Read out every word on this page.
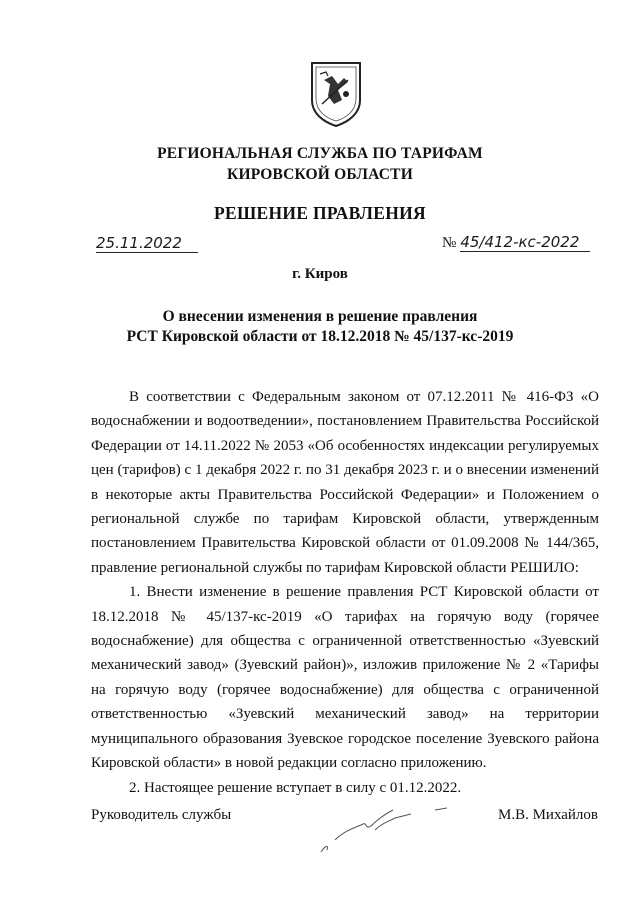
РЕГИОНАЛЬНАЯ СЛУЖБА ПО ТАРИФАМ
КИРОВСКОЙ ОБЛАСТИ
РЕШЕНИЕ ПРАВЛЕНИЯ
25.11.2022	№ 45/412-кс-2022
г. Киров
О внесении изменения в решение правления
РСТ Кировской области от 18.12.2018 № 45/137-кс-2019

В соответствии с Федеральным законом от 07.12.2011 № 416-ФЗ «О водоснабжении и водоотведении», постановлением Правительства Российской Федерации от 14.11.2022 № 2053 «Об особенностях индексации регулируемых цен (тарифов) с 1 декабря 2022 г. по 31 декабря 2023 г. и о внесении изменений в некоторые акты Правительства Российской Федерации» и Положением о региональной службе по тарифам Кировской области, утвержденным постановлением Правительства Кировской области от 01.09.2008 № 144/365, правление региональной службы по тарифам Кировской области РЕШИЛО:

1. Внести изменение в решение правления РСТ Кировской области от 18.12.2018 № 45/137-кс-2019 «О тарифах на горячую воду (горячее водоснабжение) для общества с ограниченной ответственностью «Зуевский механический завод» (Зуевский район)», изложив приложение № 2 «Тарифы на горячую воду (горячее водоснабжение) для общества с ограниченной ответственностью «Зуевский механический завод» на территории муниципального образования Зуевское городское поселение Зуевского района Кировской области» в новой редакции согласно приложению.

2. Настоящее решение вступает в силу с 01.12.2022.

Руководитель службы	М.В. Михайлов
